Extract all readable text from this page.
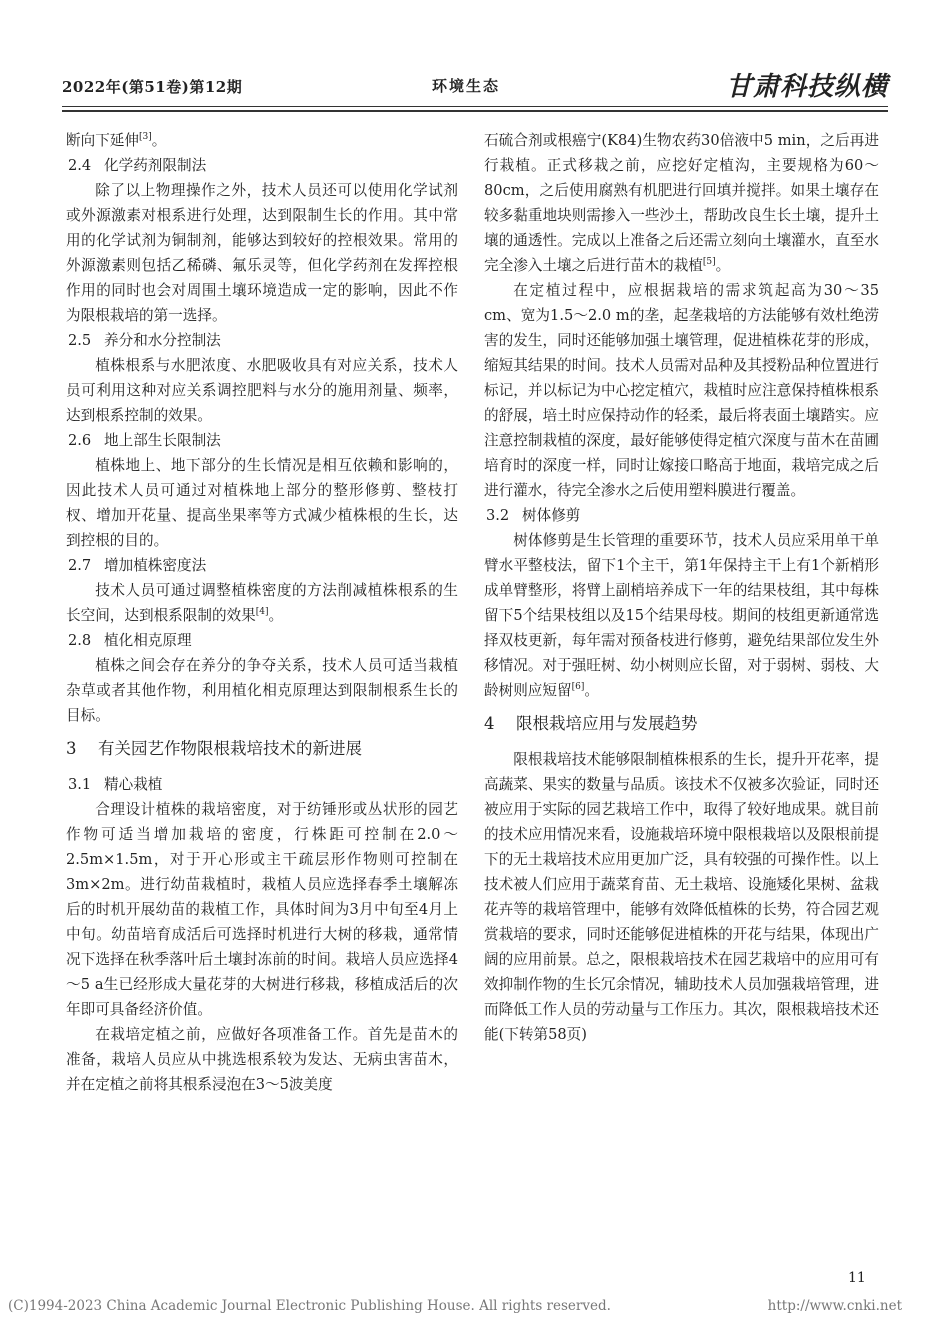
2022年(第51卷)第12期	环境生态	甘肃科技纵横

断向下延伸[3]。

2.4 化学药剂限制法

除了以上物理操作之外，技术人员还可以使用化学试剂或外源激素对根系进行处理，达到限制生长的作用。其中常用的化学试剂为铜制剂，能够达到较好的控根效果。常用的外源激素则包括乙稀磷、氟乐灵等，但化学药剂在发挥控根作用的同时也会对周围土壤环境造成一定的影响，因此不作为限根栽培的第一选择。

2.5 养分和水分控制法

植株根系与水肥浓度、水肥吸收具有对应关系，技术人员可利用这种对应关系调控肥料与水分的施用剂量、频率，达到根系控制的效果。

2.6 地上部生长限制法

植株地上、地下部分的生长情况是相互依赖和影响的，因此技术人员可通过对植株地上部分的整形修剪、整枝打杈、增加开花量、提高坐果率等方式减少植株根的生长，达到控根的目的。

2.7 增加植株密度法

技术人员可通过调整植株密度的方法削减植株根系的生长空间，达到根系限制的效果[4]。

2.8 植化相克原理

植株之间会存在养分的争夺关系，技术人员可适当栽植杂草或者其他作物，利用植化相克原理达到限制根系生长的目标。

3 有关园艺作物限根栽培技术的新进展
3.1 精心栽植

合理设计植株的栽培密度，对于纺锤形或丛状形的园艺作物可适当增加栽培的密度，行株距可控制在2.0～2.5m×1.5m，对于开心形或主干疏层形作物则可控制在3m×2m。进行幼苗栽植时，栽植人员应选择春季土壤解冻后的时机开展幼苗的栽植工作，具体时间为3月中旬至4月上中旬。幼苗培育成活后可选择时机进行大树的移栽，通常情况下选择在秋季落叶后土壤封冻前的时间。栽培人员应选择4～5 a生已经形成大量花芽的大树进行移栽，移植成活后的次年即可具备经济价值。

在栽培定植之前，应做好各项准备工作。首先是苗木的准备，栽培人员应从中挑选根系较为发达、无病虫害苗木，并在定植之前将其根系浸泡在3～5波美度

石硫合剂或根癌宁(K84)生物农药30倍液中5 min，之后再进行栽植。正式移栽之前，应挖好定植沟，主要规格为60～80cm，之后使用腐熟有机肥进行回填并搅拌。如果土壤存在较多黏重地块则需掺入一些沙土，帮助改良生长土壤，提升土壤的通透性。完成以上准备之后还需立刻向土壤灌水，直至水完全渗入土壤之后进行苗木的栽植[5]。

在定植过程中，应根据栽培的需求筑起高为30～35 cm、宽为1.5～2.0 m的垄，起垄栽培的方法能够有效杜绝涝害的发生，同时还能够加强土壤管理，促进植株花芽的形成，缩短其结果的时间。技术人员需对品种及其授粉品种位置进行标记，并以标记为中心挖定植穴，栽植时应注意保持植株根系的舒展，培土时应保持动作的轻柔，最后将表面土壤踏实。应注意控制栽植的深度，最好能够使得定植穴深度与苗木在苗圃培育时的深度一样，同时让嫁接口略高于地面，栽培完成之后进行灌水，待完全渗水之后使用塑料膜进行覆盖。

3.2 树体修剪

树体修剪是生长管理的重要环节，技术人员应采用单干单臂水平整枝法，留下1个主干，第1年保持主干上有1个新梢形成单臂整形，将臂上副梢培养成下一年的结果枝组，其中每株留下5个结果枝组以及15个结果母枝。期间的枝组更新通常选择双枝更新，每年需对预备枝进行修剪，避免结果部位发生外移情况。对于强旺树、幼小树则应长留，对于弱树、弱枝、大龄树则应短留[6]。

4 限根栽培应用与发展趋势

限根栽培技术能够限制植株根系的生长，提升开花率，提高蔬菜、果实的数量与品质。该技术不仅被多次验证，同时还被应用于实际的园艺栽培工作中，取得了较好地成果。就目前的技术应用情况来看，设施栽培环境中限根栽培以及限根前提下的无土栽培技术应用更加广泛，具有较强的可操作性。以上技术被人们应用于蔬菜育苗、无土栽培、设施矮化果树、盆栽花卉等的栽培管理中，能够有效降低植株的长势，符合园艺观赏栽培的要求，同时还能够促进植株的开花与结果，体现出广阔的应用前景。总之，限根栽培技术在园艺栽培中的应用可有效抑制作物的生长冗余情况，辅助技术人员加强栽培管理，进而降低工作人员的劳动量与工作压力。其次，限根栽培技术还能(下转第58页)

11
(C)1994-2023 China Academic Journal Electronic Publishing House. All rights reserved.	http://www.cnki.net
